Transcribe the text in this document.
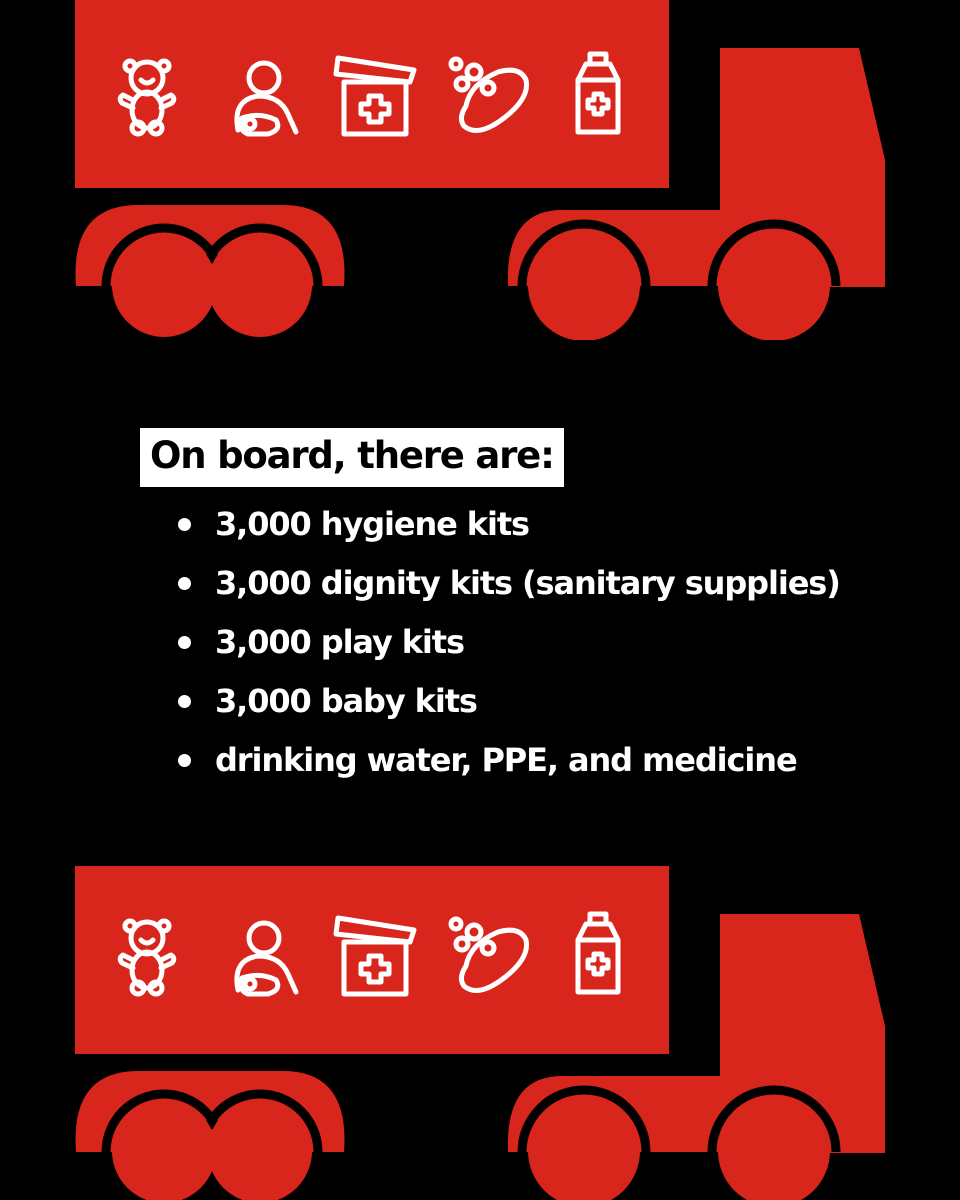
On board, there are:
3,000 hygiene kits
3,000 dignity kits (sanitary supplies)
3,000 play kits
3,000 baby kits
drinking water, PPE, and medicine
